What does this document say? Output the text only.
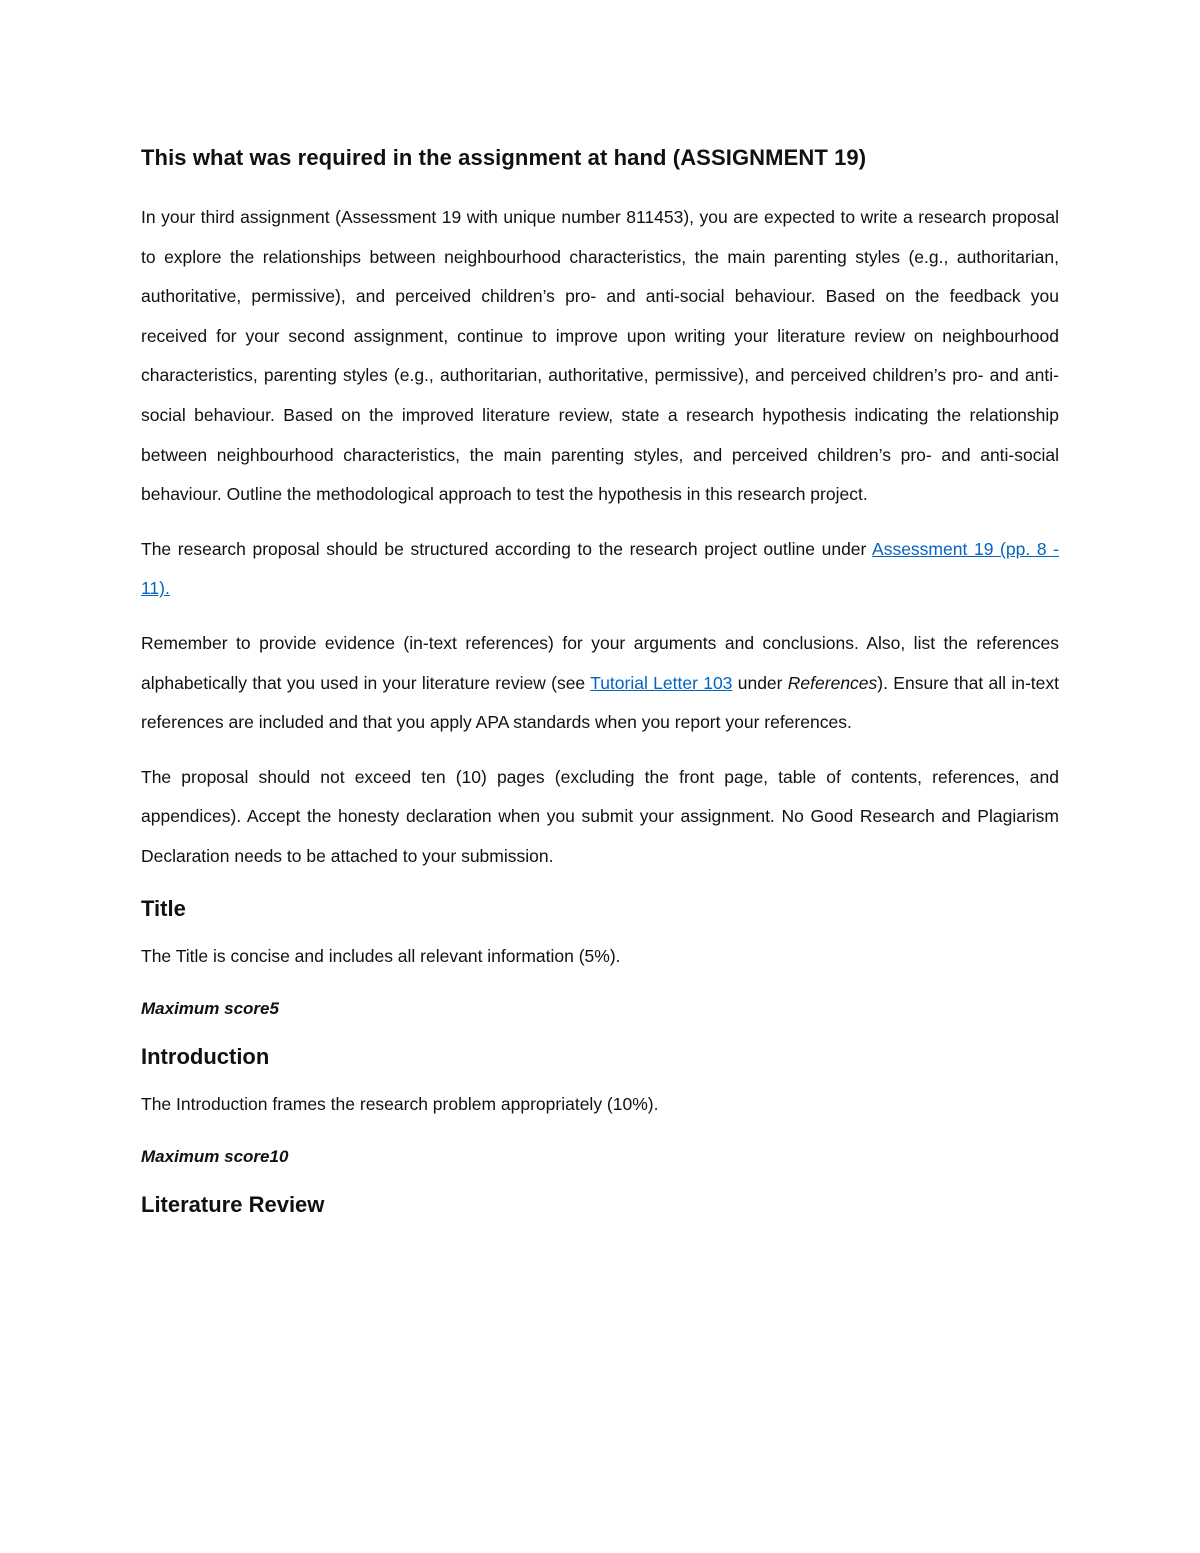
This what was required in the assignment at hand (ASSIGNMENT 19)

In your third assignment (Assessment 19 with unique number 811453), you are expected to write a research proposal to explore the relationships between neighbourhood characteristics, the main parenting styles (e.g., authoritarian, authoritative, permissive), and perceived children’s pro- and anti-social behaviour. Based on the feedback you received for your second assignment, continue to improve upon writing your literature review on neighbourhood characteristics, parenting styles (e.g., authoritarian, authoritative, permissive), and perceived children’s pro- and anti-social behaviour. Based on the improved literature review, state a research hypothesis indicating the relationship between neighbourhood characteristics, the main parenting styles, and perceived children’s pro- and anti-social behaviour. Outline the methodological approach to test the hypothesis in this research project.

The research proposal should be structured according to the research project outline under Assessment 19 (pp. 8 - 11).

Remember to provide evidence (in-text references) for your arguments and conclusions. Also, list the references alphabetically that you used in your literature review (see Tutorial Letter 103 under References). Ensure that all in-text references are included and that you apply APA standards when you report your references.

The proposal should not exceed ten (10) pages (excluding the front page, table of contents, references, and appendices). Accept the honesty declaration when you submit your assignment. No Good Research and Plagiarism Declaration needs to be attached to your submission.

Title

The Title is concise and includes all relevant information (5%).

Maximum score5

Introduction

The Introduction frames the research problem appropriately (10%).

Maximum score10

Literature Review
